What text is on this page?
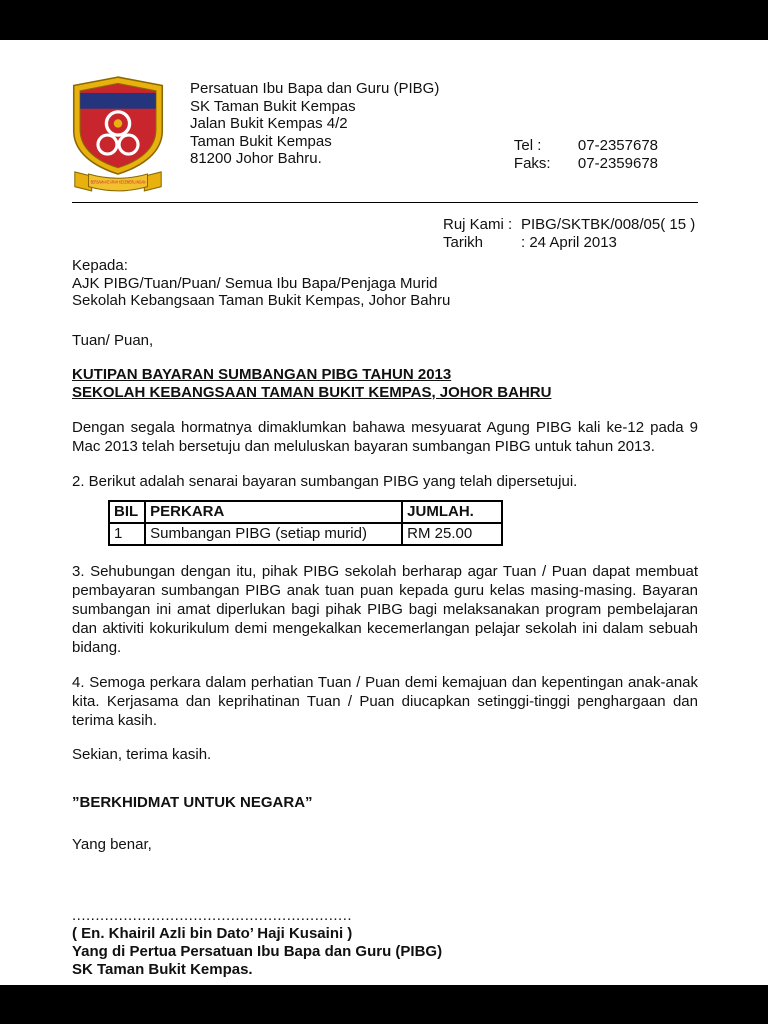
BERSAMA KE ARAH KECEMERLANGAN
Persatuan Ibu Bapa dan Guru (PIBG)
SK Taman Bukit Kempas
Jalan Bukit Kempas 4/2
Taman Bukit Kempas
81200 Johor Bahru.
Tel :	07-2357678
Faks:	07-2359678
Ruj Kami : PIBG/SKTBK/008/05( 15 )
Tarikh	: 24 April 2013
Kepada:
AJK PIBG/Tuan/Puan/ Semua Ibu Bapa/Penjaga Murid
Sekolah Kebangsaan Taman Bukit Kempas, Johor Bahru
Tuan/ Puan,
KUTIPAN BAYARAN SUMBANGAN PIBG TAHUN 2013
SEKOLAH KEBANGSAAN TAMAN BUKIT KEMPAS, JOHOR BAHRU
Dengan segala hormatnya dimaklumkan bahawa mesyuarat Agung PIBG kali ke-12 pada 9 Mac 2013 telah bersetuju dan meluluskan bayaran sumbangan PIBG untuk tahun 2013.
2. Berikut adalah senarai bayaran sumbangan PIBG yang telah dipersetujui.
BIL	PERKARA	JUMLAH.
1	Sumbangan PIBG (setiap murid)	RM 25.00
3. Sehubungan dengan itu, pihak PIBG sekolah berharap agar Tuan / Puan dapat membuat pembayaran sumbangan PIBG anak tuan puan kepada guru kelas masing-masing. Bayaran sumbangan ini amat diperlukan bagi pihak PIBG bagi melaksanakan program pembelajaran dan aktiviti kokurikulum demi mengekalkan kecemerlangan pelajar sekolah ini dalam sebuah bidang.
4. Semoga perkara dalam perhatian Tuan / Puan demi kemajuan dan kepentingan anak-anak kita. Kerjasama dan keprihatinan Tuan / Puan diucapkan setinggi-tinggi penghargaan dan terima kasih.
Sekian, terima kasih.
”BERKHIDMAT UNTUK NEGARA”
Yang benar,
............................................................
( En. Khairil Azli bin Dato’ Haji Kusaini )
Yang di Pertua Persatuan Ibu Bapa dan Guru (PIBG)
SK Taman Bukit Kempas.
